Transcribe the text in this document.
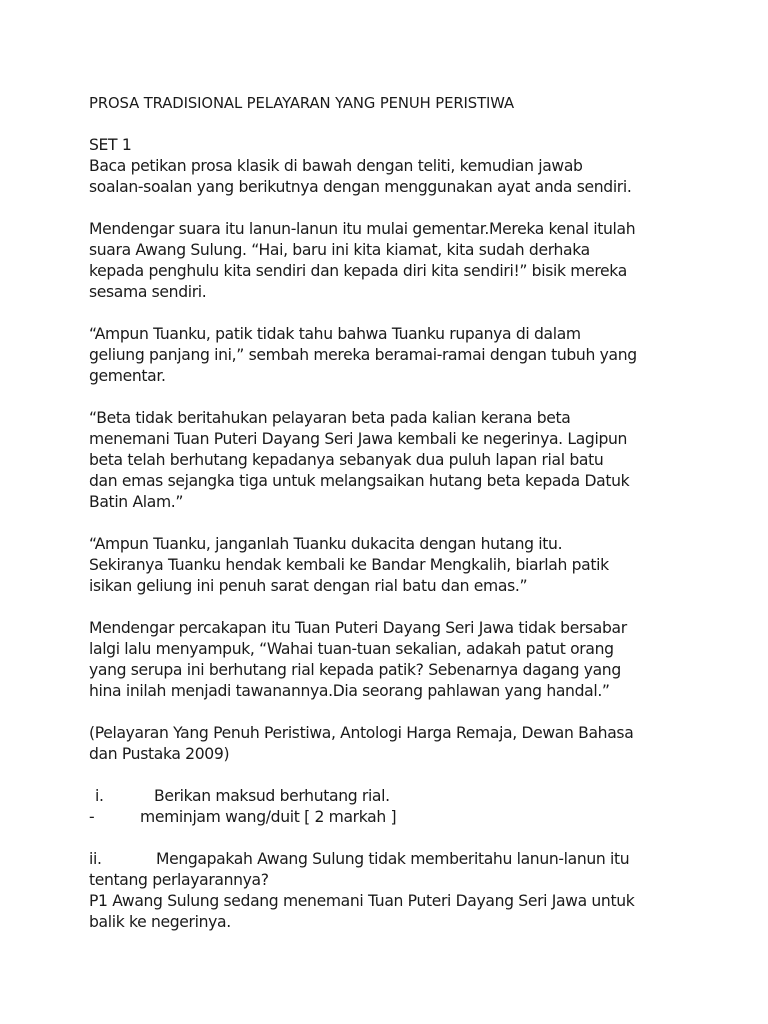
PROSA TRADISIONAL PELAYARAN YANG PENUH PERISTIWA
SET 1
Baca petikan prosa klasik di bawah dengan teliti, kemudian jawab
soalan-soalan yang berikutnya dengan menggunakan ayat anda sendiri.
Mendengar suara itu lanun-lanun itu mulai gementar.Mereka kenal itulah
suara Awang Sulung. “Hai, baru ini kita kiamat, kita sudah derhaka
kepada penghulu kita sendiri dan kepada diri kita sendiri!” bisik mereka
sesama sendiri.
“Ampun Tuanku, patik tidak tahu bahwa Tuanku rupanya di dalam
geliung panjang ini,” sembah mereka beramai-ramai dengan tubuh yang
gementar.
“Beta tidak beritahukan pelayaran beta pada kalian kerana beta
menemani Tuan Puteri Dayang Seri Jawa kembali ke negerinya. Lagipun
beta telah berhutang kepadanya sebanyak dua puluh lapan rial batu
dan emas sejangka tiga untuk melangsaikan hutang beta kepada Datuk
Batin Alam.”
“Ampun Tuanku, janganlah Tuanku dukacita dengan hutang itu.
Sekiranya Tuanku hendak kembali ke Bandar Mengkalih, biarlah patik
isikan geliung ini penuh sarat dengan rial batu dan emas.”
Mendengar percakapan itu Tuan Puteri Dayang Seri Jawa tidak bersabar
lalgi lalu menyampuk, “Wahai tuan-tuan sekalian, adakah patut orang
yang serupa ini berhutang rial kepada patik? Sebenarnya dagang yang
hina inilah menjadi tawanannya.Dia seorang pahlawan yang handal.”
(Pelayaran Yang Penuh Peristiwa, Antologi Harga Remaja, Dewan Bahasa
dan Pustaka 2009)
i.	Berikan maksud berhutang rial.
-	meminjam wang/duit [ 2 markah ]
ii.	Mengapakah Awang Sulung tidak memberitahu lanun-lanun itu
tentang perlayarannya?
P1 Awang Sulung sedang menemani Tuan Puteri Dayang Seri Jawa untuk
balik ke negerinya.
